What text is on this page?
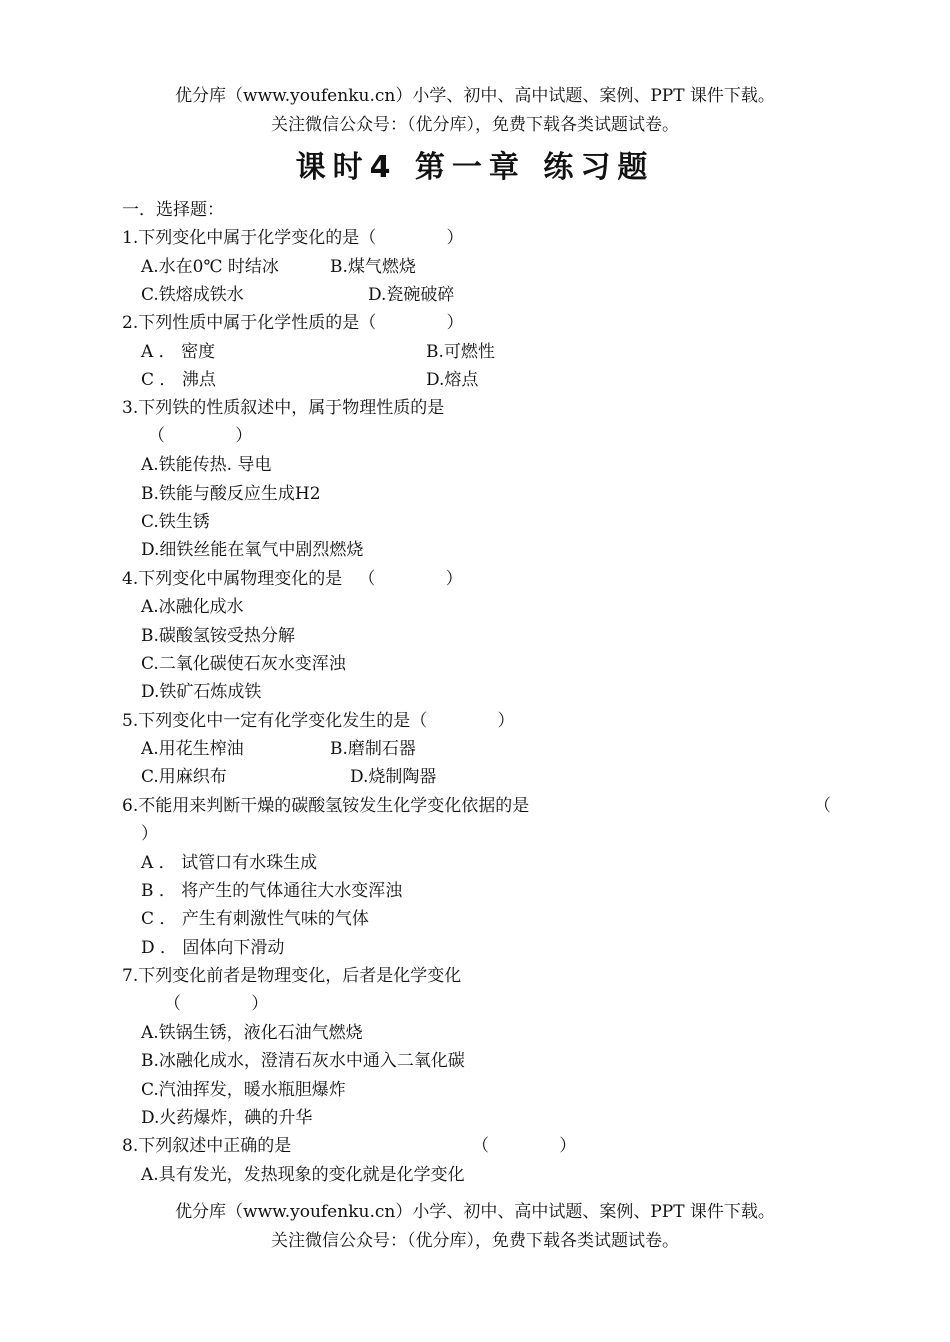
优分库（www.youfenku.cn）小学、初中、高中试题、案例、PPT 课件下载。
关注微信公众号：（优分库），免费下载各类试题试卷。
课时4 第一章 练习题
一．选择题：
1.下列变化中属于化学变化的是（             ）
A.水在0℃ 时结冰	B.煤气燃烧
C.铁熔成铁水	D.瓷碗破碎
2.下列性质中属于化学性质的是（             ）
A ． 密度	B.可燃性
C ． 沸点	D.熔点
3.下列铁的性质叙述中，属于物理性质的是
（             ）
A.铁能传热. 导电
B.铁能与酸反应生成H2
C.铁生锈
D.细铁丝能在氧气中剧烈燃烧
4.下列变化中属物理变化的是   （             ）
A.冰融化成水
B.碳酸氢铵受热分解
C.二氧化碳使石灰水变浑浊
D.铁矿石炼成铁
5.下列变化中一定有化学变化发生的是（             ）
A.用花生榨油	B.磨制石器
C.用麻织布	D.烧制陶器
6.不能用来判断干燥的碳酸氢铵发生化学变化依据的是	（
）
A ． 试管口有水珠生成
B ． 将产生的气体通往大水变浑浊
C ． 产生有刺激性气味的气体
D ． 固体向下滑动
7.下列变化前者是物理变化，后者是化学变化
（             ）
A.铁锅生锈，液化石油气燃烧
B.冰融化成水，澄清石灰水中通入二氧化碳
C.汽油挥发，暖水瓶胆爆炸
D.火药爆炸，碘的升华
8.下列叙述中正确的是	（             ）
A.具有发光，发热现象的变化就是化学变化
优分库（www.youfenku.cn）小学、初中、高中试题、案例、PPT 课件下载。
关注微信公众号：（优分库），免费下载各类试题试卷。
